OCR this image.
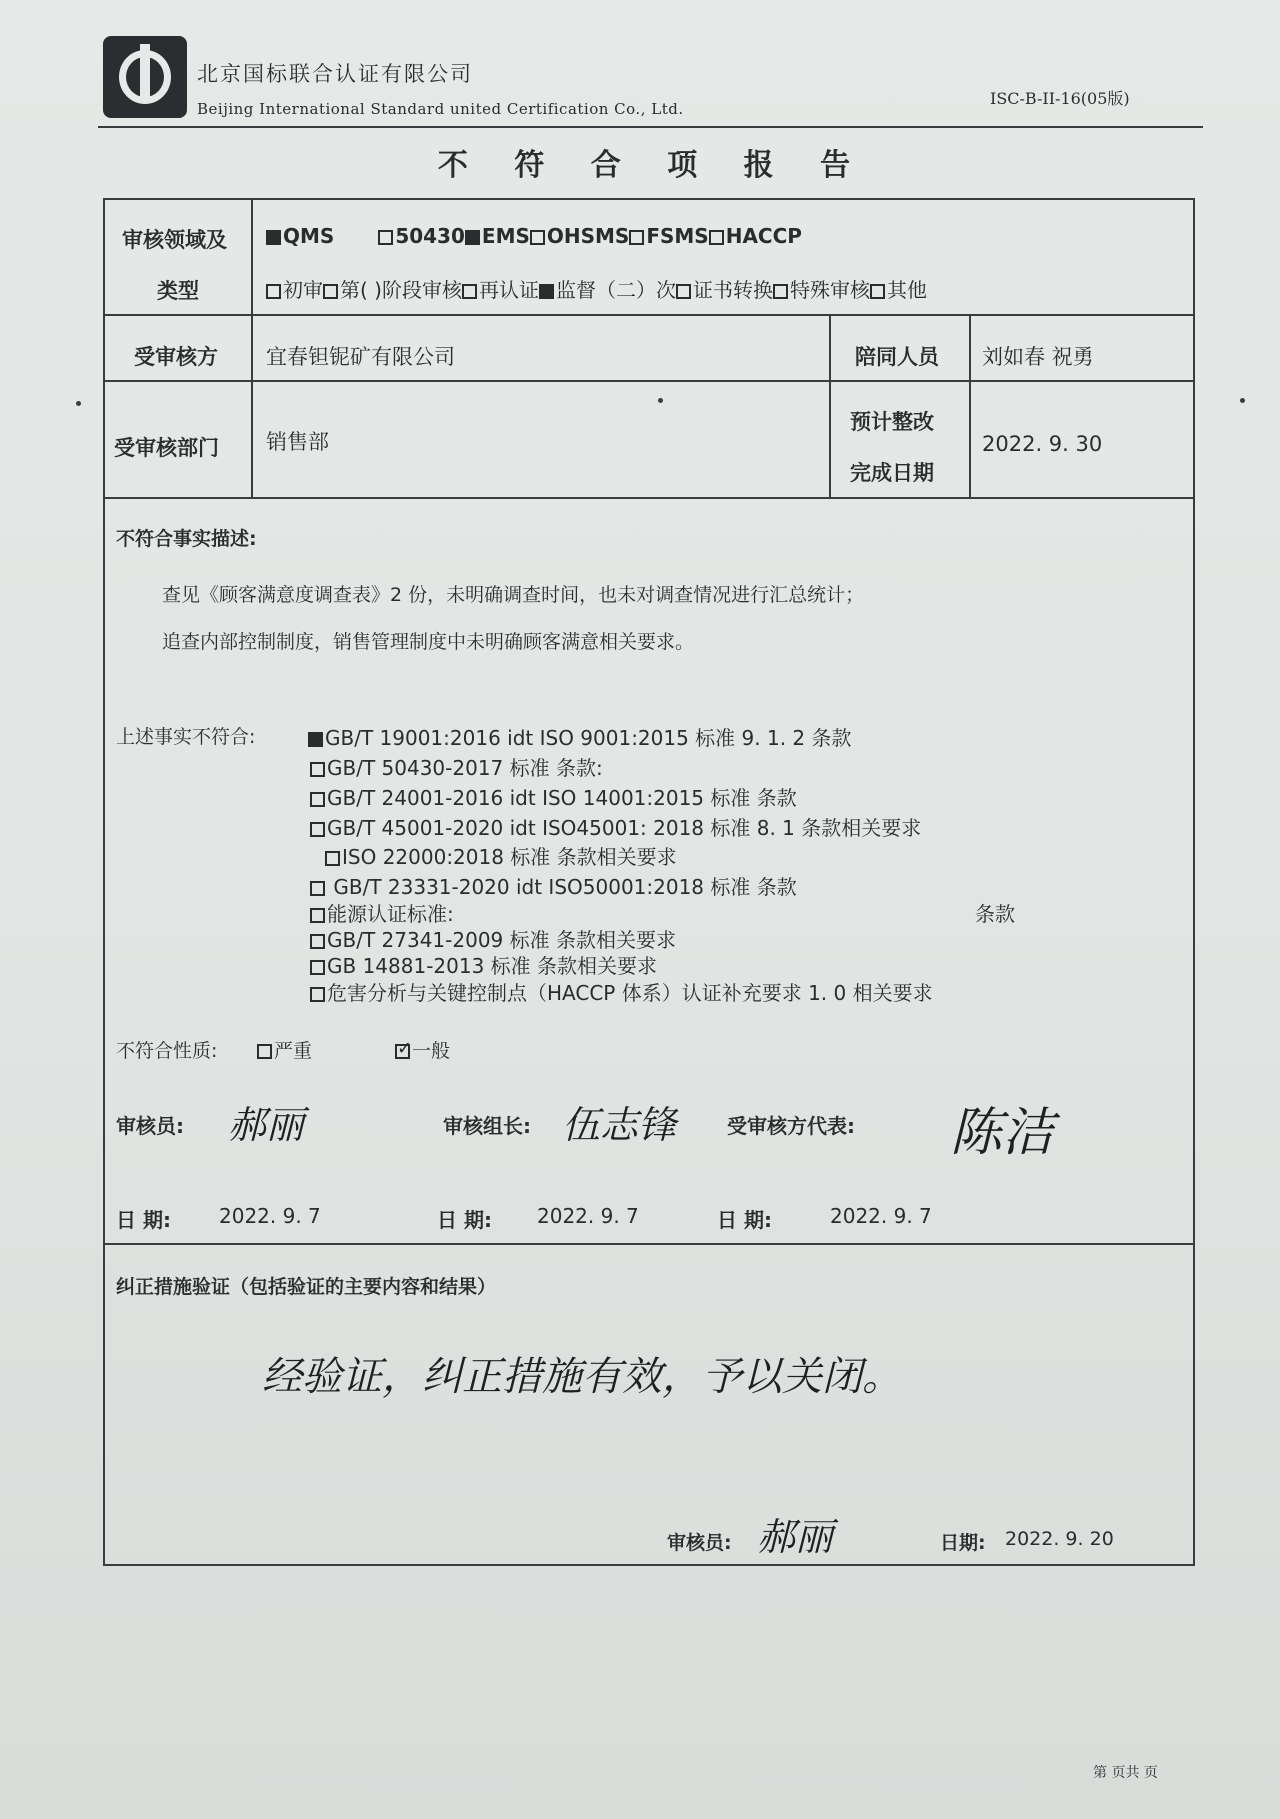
北京国标联合认证有限公司
Beijing International Standard united Certification Co., Ltd.
ISC-B-II-16(05版)
不 符 合 项 报 告
审核领域及
类型
QMS	50430 EMS OHSMS FSMS HACCP
初审 第( )阶段审核 再认证 监督（二）次 证书转换 特殊审核 其他
受审核方 宜春钽铌矿有限公司	陪同人员 刘如春 祝勇
受审核部门 销售部
预计整改
完成日期
2022. 9. 30
不符合事实描述:
查见《顾客满意度调查表》2 份，未明确调查时间，也未对调查情况进行汇总统计；
追查内部控制制度，销售管理制度中未明确顾客满意相关要求。
上述事实不符合:	GB/T 19001:2016 idt ISO 9001:2015 标准 9. 1. 2 条款
GB/T 50430-2017 标准 条款:
GB/T 24001-2016 idt ISO 14001:2015 标准 条款
GB/T 45001-2020 idt ISO45001: 2018 标准 8. 1 条款相关要求
ISO 22000:2018 标准 条款相关要求
GB/T 23331-2020 idt ISO50001:2018 标准 条款
能源认证标准:	条款
GB/T 27341-2009 标准 条款相关要求
GB 14881-2013 标准 条款相关要求
危害分析与关键控制点（HACCP 体系）认证补充要求 1. 0 相关要求
不符合性质:	严重	✓ 一般
审核员: 郝丽	审核组长: 伍志锋	受审核方代表: 陈洁
日 期: 2022. 9. 7	日 期: 2022. 9. 7	日 期:	2022. 9. 7
纠正措施验证（包括验证的主要内容和结果）
经验证，纠正措施有效，予以关闭。
审核员: 郝丽	日期: 2022. 9. 20
第 页共 页
